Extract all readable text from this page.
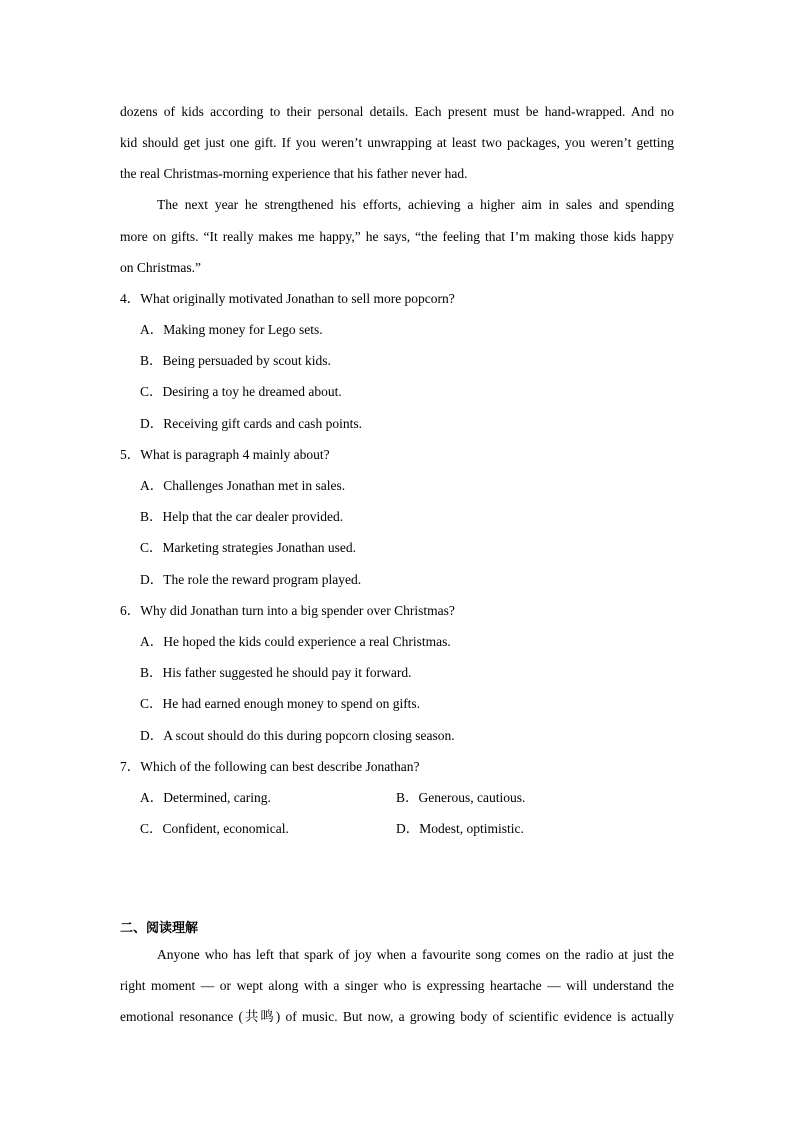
dozens of kids according to their personal details. Each present must be hand-wrapped. And no
kid should get just one gift. If you weren’t unwrapping at least two packages, you weren’t getting
the real Christmas-morning experience that his father never had.
The next year he strengthened his efforts, achieving a higher aim in sales and spending
more on gifts. “It really makes me happy,” he says, “the feeling that I’m making those kids happy
on Christmas.”
4．What originally motivated Jonathan to sell more popcorn?
A．Making money for Lego sets.
B．Being persuaded by scout kids.
C．Desiring a toy he dreamed about.
D．Receiving gift cards and cash points.
5．What is paragraph 4 mainly about?
A．Challenges Jonathan met in sales.
B．Help that the car dealer provided.
C．Marketing strategies Jonathan used.
D．The role the reward program played.
6．Why did Jonathan turn into a big spender over Christmas?
A．He hoped the kids could experience a real Christmas.
B．His father suggested he should pay it forward.
C．He had earned enough money to spend on gifts.
D．A scout should do this during popcorn closing season.
7．Which of the following can best describe Jonathan?
A．Determined, caring.	B．Generous, cautious.
C．Confident, economical.	D．Modest, optimistic.
二、阅读理解
Anyone who has left that spark of joy when a favourite song comes on the radio at just the
right moment — or wept along with a singer who is expressing heartache — will understand the
emotional resonance (共鸣) of music. But now, a growing body of scientific evidence is actually
